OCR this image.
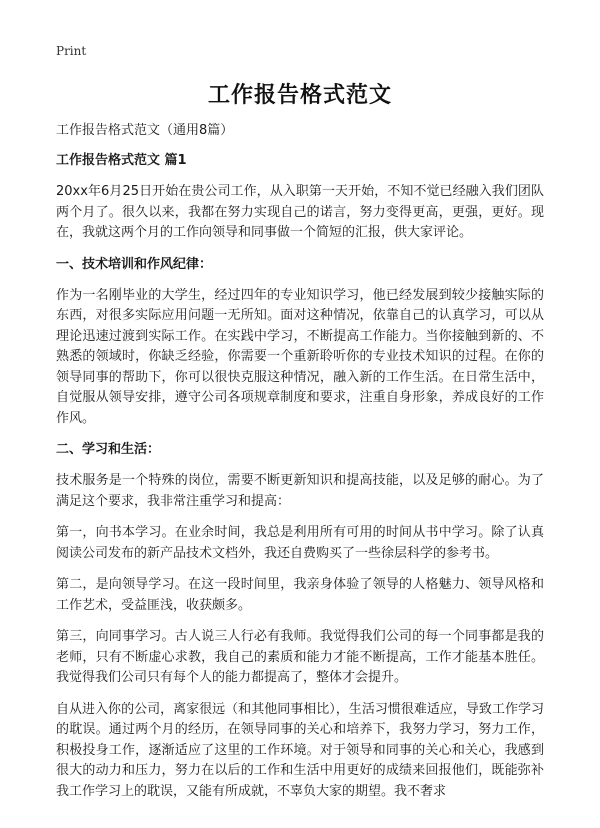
Print
工作报告格式范文

工作报告格式范文（通用8篇）

工作报告格式范文 篇1

20xx年6月25日开始在贵公司工作，从入职第一天开始，不知不觉已经融入我们团队两个月了。很久以来，我都在努力实现自己的诺言，努力变得更高，更强，更好。现在，我就这两个月的工作向领导和同事做一个简短的汇报，供大家评论。

一、技术培训和作风纪律：

作为一名刚毕业的大学生，经过四年的专业知识学习，他已经发展到较少接触实际的东西，对很多实际应用问题一无所知。面对这种情况，依靠自己的认真学习，可以从理论迅速过渡到实际工作。在实践中学习，不断提高工作能力。当你接触到新的、不熟悉的领域时，你缺乏经验，你需要一个重新聆听你的专业技术知识的过程。在你的领导同事的帮助下，你可以很快克服这种情况，融入新的工作生活。在日常生活中，自觉服从领导安排，遵守公司各项规章制度和要求，注重自身形象，养成良好的工作作风。

二、学习和生活：

技术服务是一个特殊的岗位，需要不断更新知识和提高技能，以及足够的耐心。为了满足这个要求，我非常注重学习和提高：

第一，向书本学习。在业余时间，我总是利用所有可用的时间从书中学习。除了认真阅读公司发布的新产品技术文档外，我还自费购买了一些徐层科学的参考书。

第二，是向领导学习。在这一段时间里，我亲身体验了领导的人格魅力、领导风格和工作艺术，受益匪浅，收获颇多。

第三，向同事学习。古人说三人行必有我师。我觉得我们公司的每一个同事都是我的老师，只有不断虚心求教，我自己的素质和能力才能不断提高，工作才能基本胜任。我觉得我们公司只有每个人的能力都提高了，整体才会提升。

自从进入你的公司，离家很远（和其他同事相比），生活习惯很难适应，导致工作学习的耽误。通过两个月的经历，在领导同事的关心和培养下，我努力学习，努力工作，积极投身工作，逐渐适应了这里的工作环境。对于领导和同事的关心和关心，我感到很大的动力和压力，努力在以后的工作和生活中用更好的成绩来回报他们，既能弥补我工作学习上的耽误，又能有所成就，不辜负大家的期望。我不奢求
